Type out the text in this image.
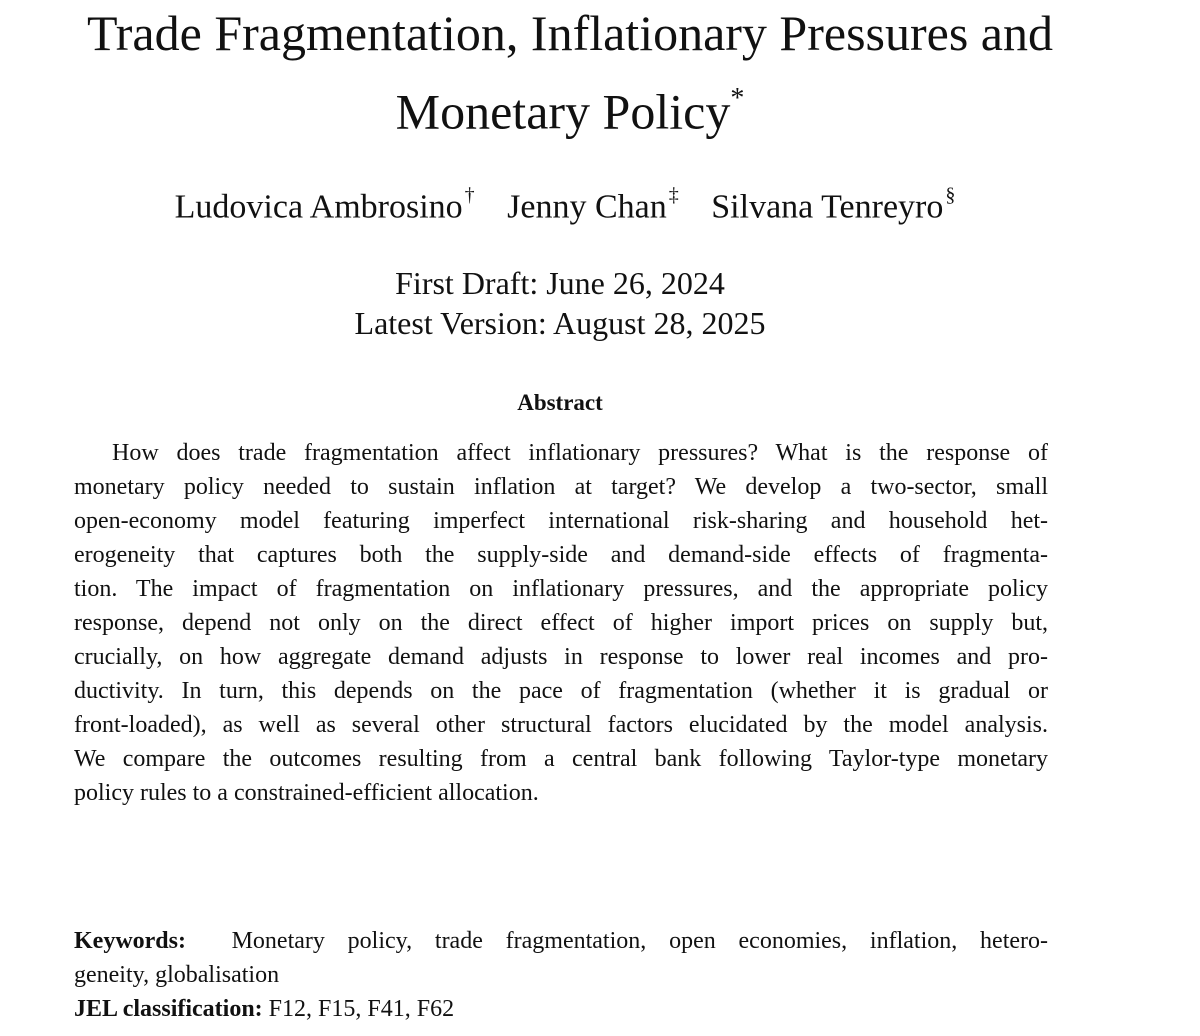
Trade Fragmentation, Inflationary Pressures and
Monetary Policy*
Ludovica Ambrosino † Jenny Chan ‡ Silvana Tenreyro §
First Draft: June 26, 2024
Latest Version: August 28, 2025
Abstract
How does trade fragmentation affect inflationary pressures? What is the response of
monetary policy needed to sustain inflation at target? We develop a two-sector, small
open-economy model featuring imperfect international risk-sharing and household het-
erogeneity that captures both the supply-side and demand-side effects of fragmenta-
tion. The impact of fragmentation on inflationary pressures, and the appropriate policy
response, depend not only on the direct effect of higher import prices on supply but,
crucially, on how aggregate demand adjusts in response to lower real incomes and pro-
ductivity. In turn, this depends on the pace of fragmentation (whether it is gradual or
front-loaded), as well as several other structural factors elucidated by the model analysis.
We compare the outcomes resulting from a central bank following Taylor-type monetary
policy rules to a constrained-efficient allocation.
Keywords: Monetary policy, trade fragmentation, open economies, inflation, hetero-
geneity, globalisation
JEL classification: F12, F15, F41, F62
